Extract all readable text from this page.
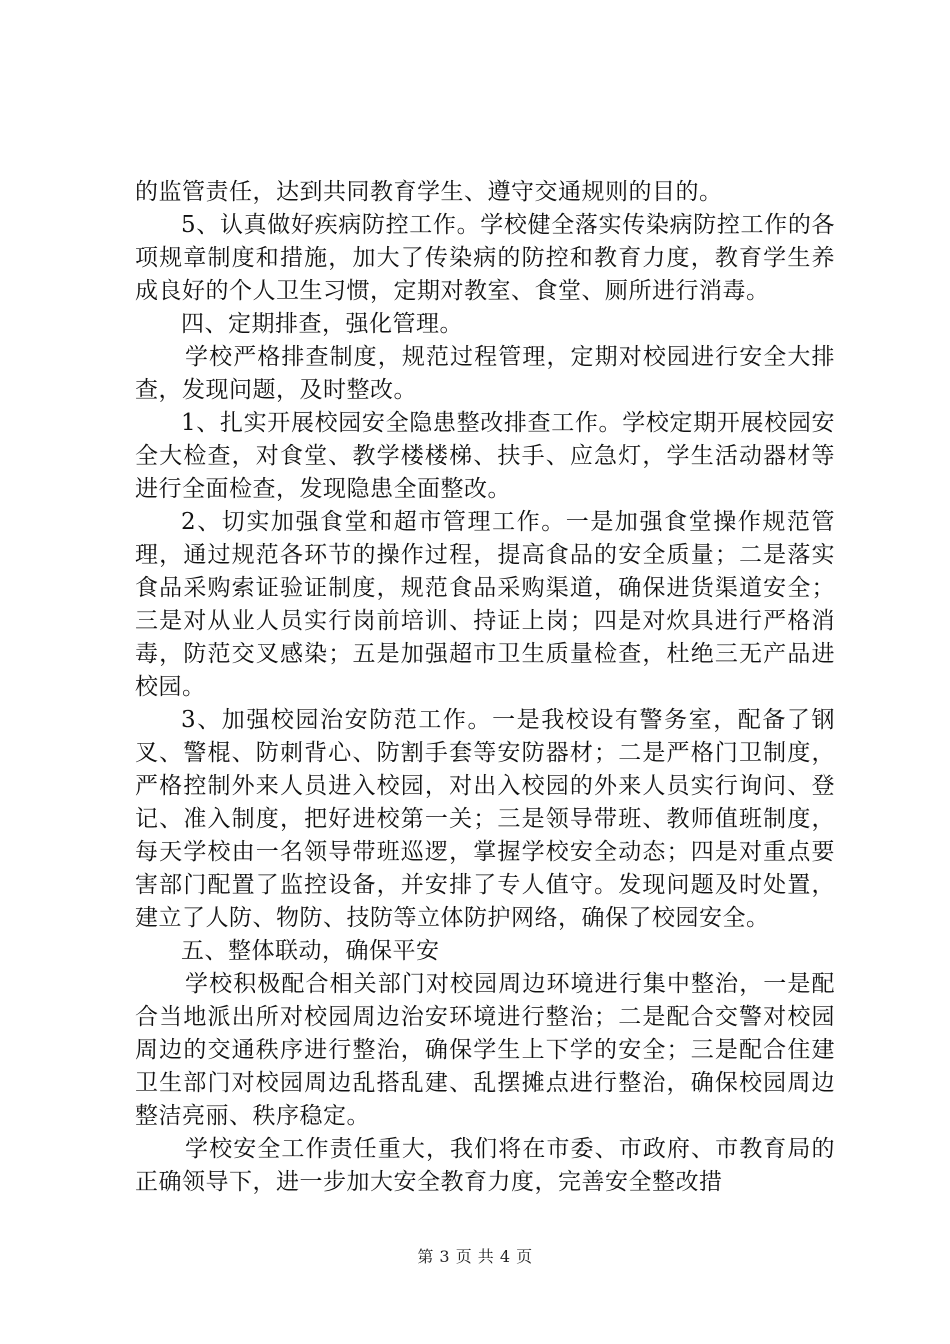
的监管责任，达到共同教育学生、遵守交通规则的目的。

5、认真做好疾病防控工作。学校健全落实传染病防控工作的各项规章制度和措施，加大了传染病的防控和教育力度，教育学生养成良好的个人卫生习惯，定期对教室、食堂、厕所进行消毒。

四、定期排查，强化管理。

学校严格排查制度，规范过程管理，定期对校园进行安全大排查，发现问题，及时整改。

1、扎实开展校园安全隐患整改排查工作。学校定期开展校园安全大检查，对食堂、教学楼楼梯、扶手、应急灯，学生活动器材等进行全面检查，发现隐患全面整改。

2、切实加强食堂和超市管理工作。一是加强食堂操作规范管理，通过规范各环节的操作过程，提高食品的安全质量；二是落实食品采购索证验证制度，规范食品采购渠道，确保进货渠道安全；三是对从业人员实行岗前培训、持证上岗；四是对炊具进行严格消毒，防范交叉感染；五是加强超市卫生质量检查，杜绝三无产品进校园。

3、加强校园治安防范工作。一是我校设有警务室，配备了钢叉、警棍、防刺背心、防割手套等安防器材；二是严格门卫制度，严格控制外来人员进入校园，对出入校园的外来人员实行询问、登记、准入制度，把好进校第一关；三是领导带班、教师值班制度，每天学校由一名领导带班巡逻，掌握学校安全动态；四是对重点要害部门配置了监控设备，并安排了专人值守。发现问题及时处置，建立了人防、物防、技防等立体防护网络，确保了校园安全。

五、整体联动，确保平安

学校积极配合相关部门对校园周边环境进行集中整治，一是配合当地派出所对校园周边治安环境进行整治；二是配合交警对校园周边的交通秩序进行整治，确保学生上下学的安全；三是配合住建卫生部门对校园周边乱搭乱建、乱摆摊点进行整治，确保校园周边整洁亮丽、秩序稳定。

学校安全工作责任重大，我们将在市委、市政府、市教育局的正确领导下，进一步加大安全教育力度，完善安全整改措

第 3 页 共 4 页
